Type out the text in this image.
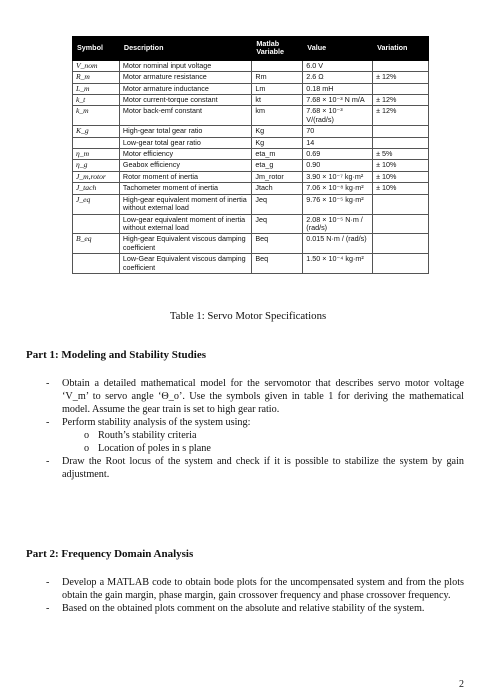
Symbol	Description	Matlab Variable	Value	Variation
V_nom	Motor nominal input voltage		6.0 V	
R_m	Motor armature resistance	Rm	2.6 Ω	± 12%
L_m	Motor armature inductance	Lm	0.18 mH	
k_t	Motor current-torque constant	kt	7.68 × 10⁻³ N m/A	± 12%
k_m	Motor back-emf constant	km	7.68 × 10⁻³ V/(rad/s)	± 12%
K_g	High-gear total gear ratio	Kg	70	
	Low-gear total gear ratio	Kg	14	
η_m	Motor efficiency	eta_m	0.69	± 5%
η_g	Geabox efficiency	eta_g	0.90	± 10%
J_m,rotor	Rotor moment of inertia	Jm_rotor	3.90 × 10⁻⁷ kg·m²	± 10%
J_tach	Tachometer moment of inertia	Jtach	7.06 × 10⁻⁸ kg·m²	± 10%
J_eq	High-gear equivalent moment of inertia without external load	Jeq	9.76 × 10⁻⁵ kg·m²	
	Low-gear equivalent moment of inertia without external load	Jeq	2.08 × 10⁻⁵ N·m / (rad/s)	
B_eq	High-gear Equivalent viscous damping coefficient	Beq	0.015 N·m / (rad/s)	
	Low-Gear Equivalent viscous damping coefficient	Beq	1.50 × 10⁻⁴ kg·m²	
Table 1: Servo Motor Specifications
Part 1: Modeling and Stability Studies
- Obtain a detailed mathematical model for the servomotor that describes servo motor voltage ‘V_m’ to servo angle ‘Θ_o’. Use the symbols given in table 1 for deriving the mathematical model. Assume the gear train is set to high gear ratio.
- Perform stability analysis of the system using:
o Routh’s stability criteria
o Location of poles in s plane
- Draw the Root locus of the system and check if it is possible to stabilize the system by gain adjustment.
Part 2: Frequency Domain Analysis
- Develop a MATLAB code to obtain bode plots for the uncompensated system and from the plots obtain the gain margin, phase margin, gain crossover frequency and phase crossover frequency.
- Based on the obtained plots comment on the absolute and relative stability of the system.
2
